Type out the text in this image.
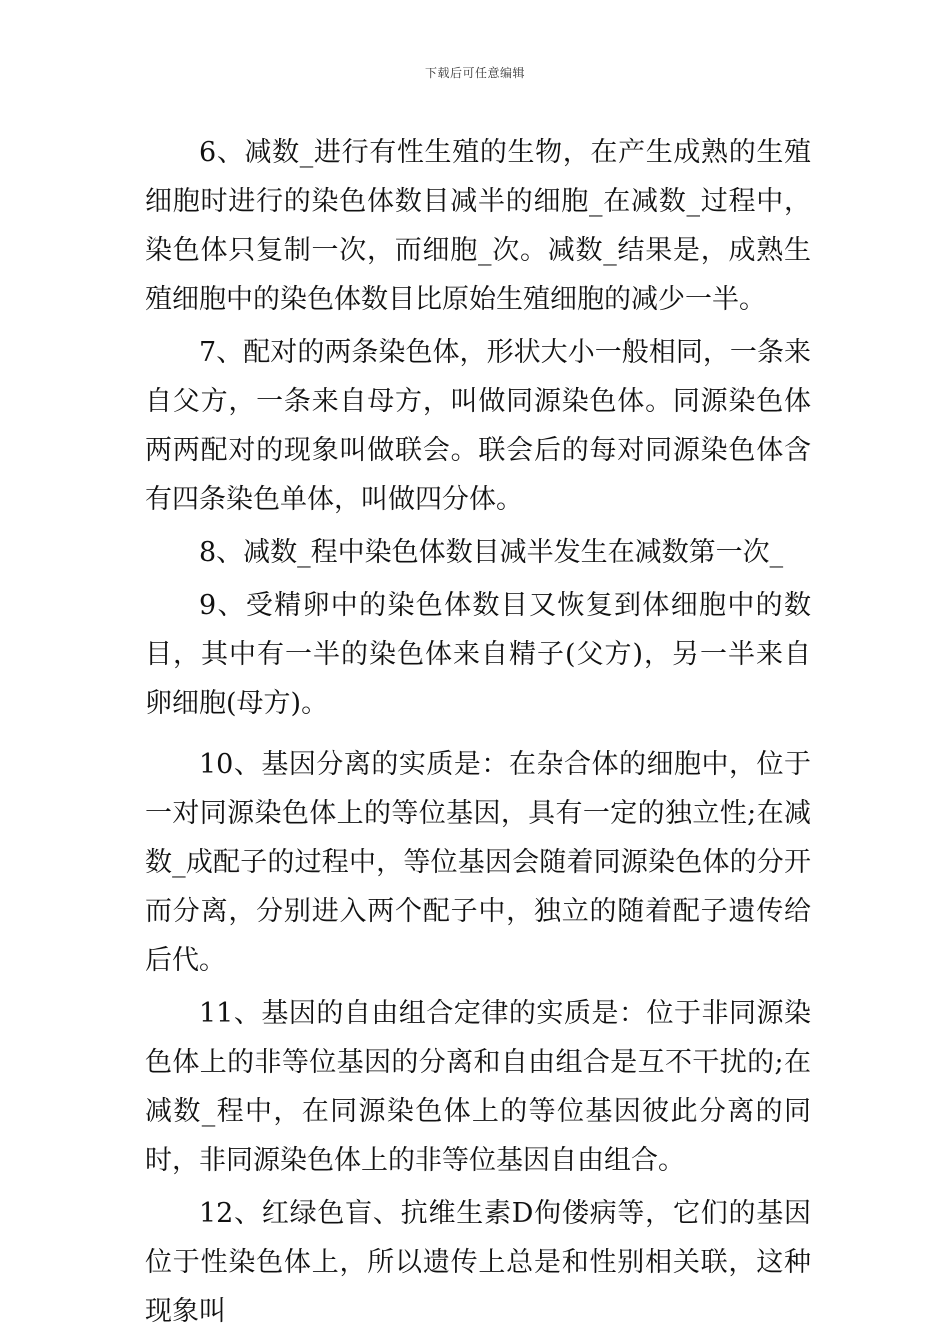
下载后可任意编辑

6、减数_进行有性生殖的生物，在产生成熟的生殖细胞时进行的染色体数目减半的细胞_在减数_过程中，染色体只复制一次，而细胞_次。减数_结果是，成熟生殖细胞中的染色体数目比原始生殖细胞的减少一半。

7、配对的两条染色体，形状大小一般相同，一条来自父方，一条来自母方，叫做同源染色体。同源染色体两两配对的现象叫做联会。联会后的每对同源染色体含有四条染色单体，叫做四分体。

8、减数_程中染色体数目减半发生在减数第一次_

9、受精卵中的染色体数目又恢复到体细胞中的数目，其中有一半的染色体来自精子(父方)，另一半来自卵细胞(母方)。

10、基因分离的实质是：在杂合体的细胞中，位于一对同源染色体上的等位基因，具有一定的独立性;在减数_成配子的过程中，等位基因会随着同源染色体的分开而分离，分别进入两个配子中，独立的随着配子遗传给后代。

11、基因的自由组合定律的实质是：位于非同源染色体上的非等位基因的分离和自由组合是互不干扰的;在减数_程中，在同源染色体上的等位基因彼此分离的同时，非同源染色体上的非等位基因自由组合。

12、红绿色盲、抗维生素D佝偻病等，它们的基因位于性染色体上，所以遗传上总是和性别相关联，这种现象叫
